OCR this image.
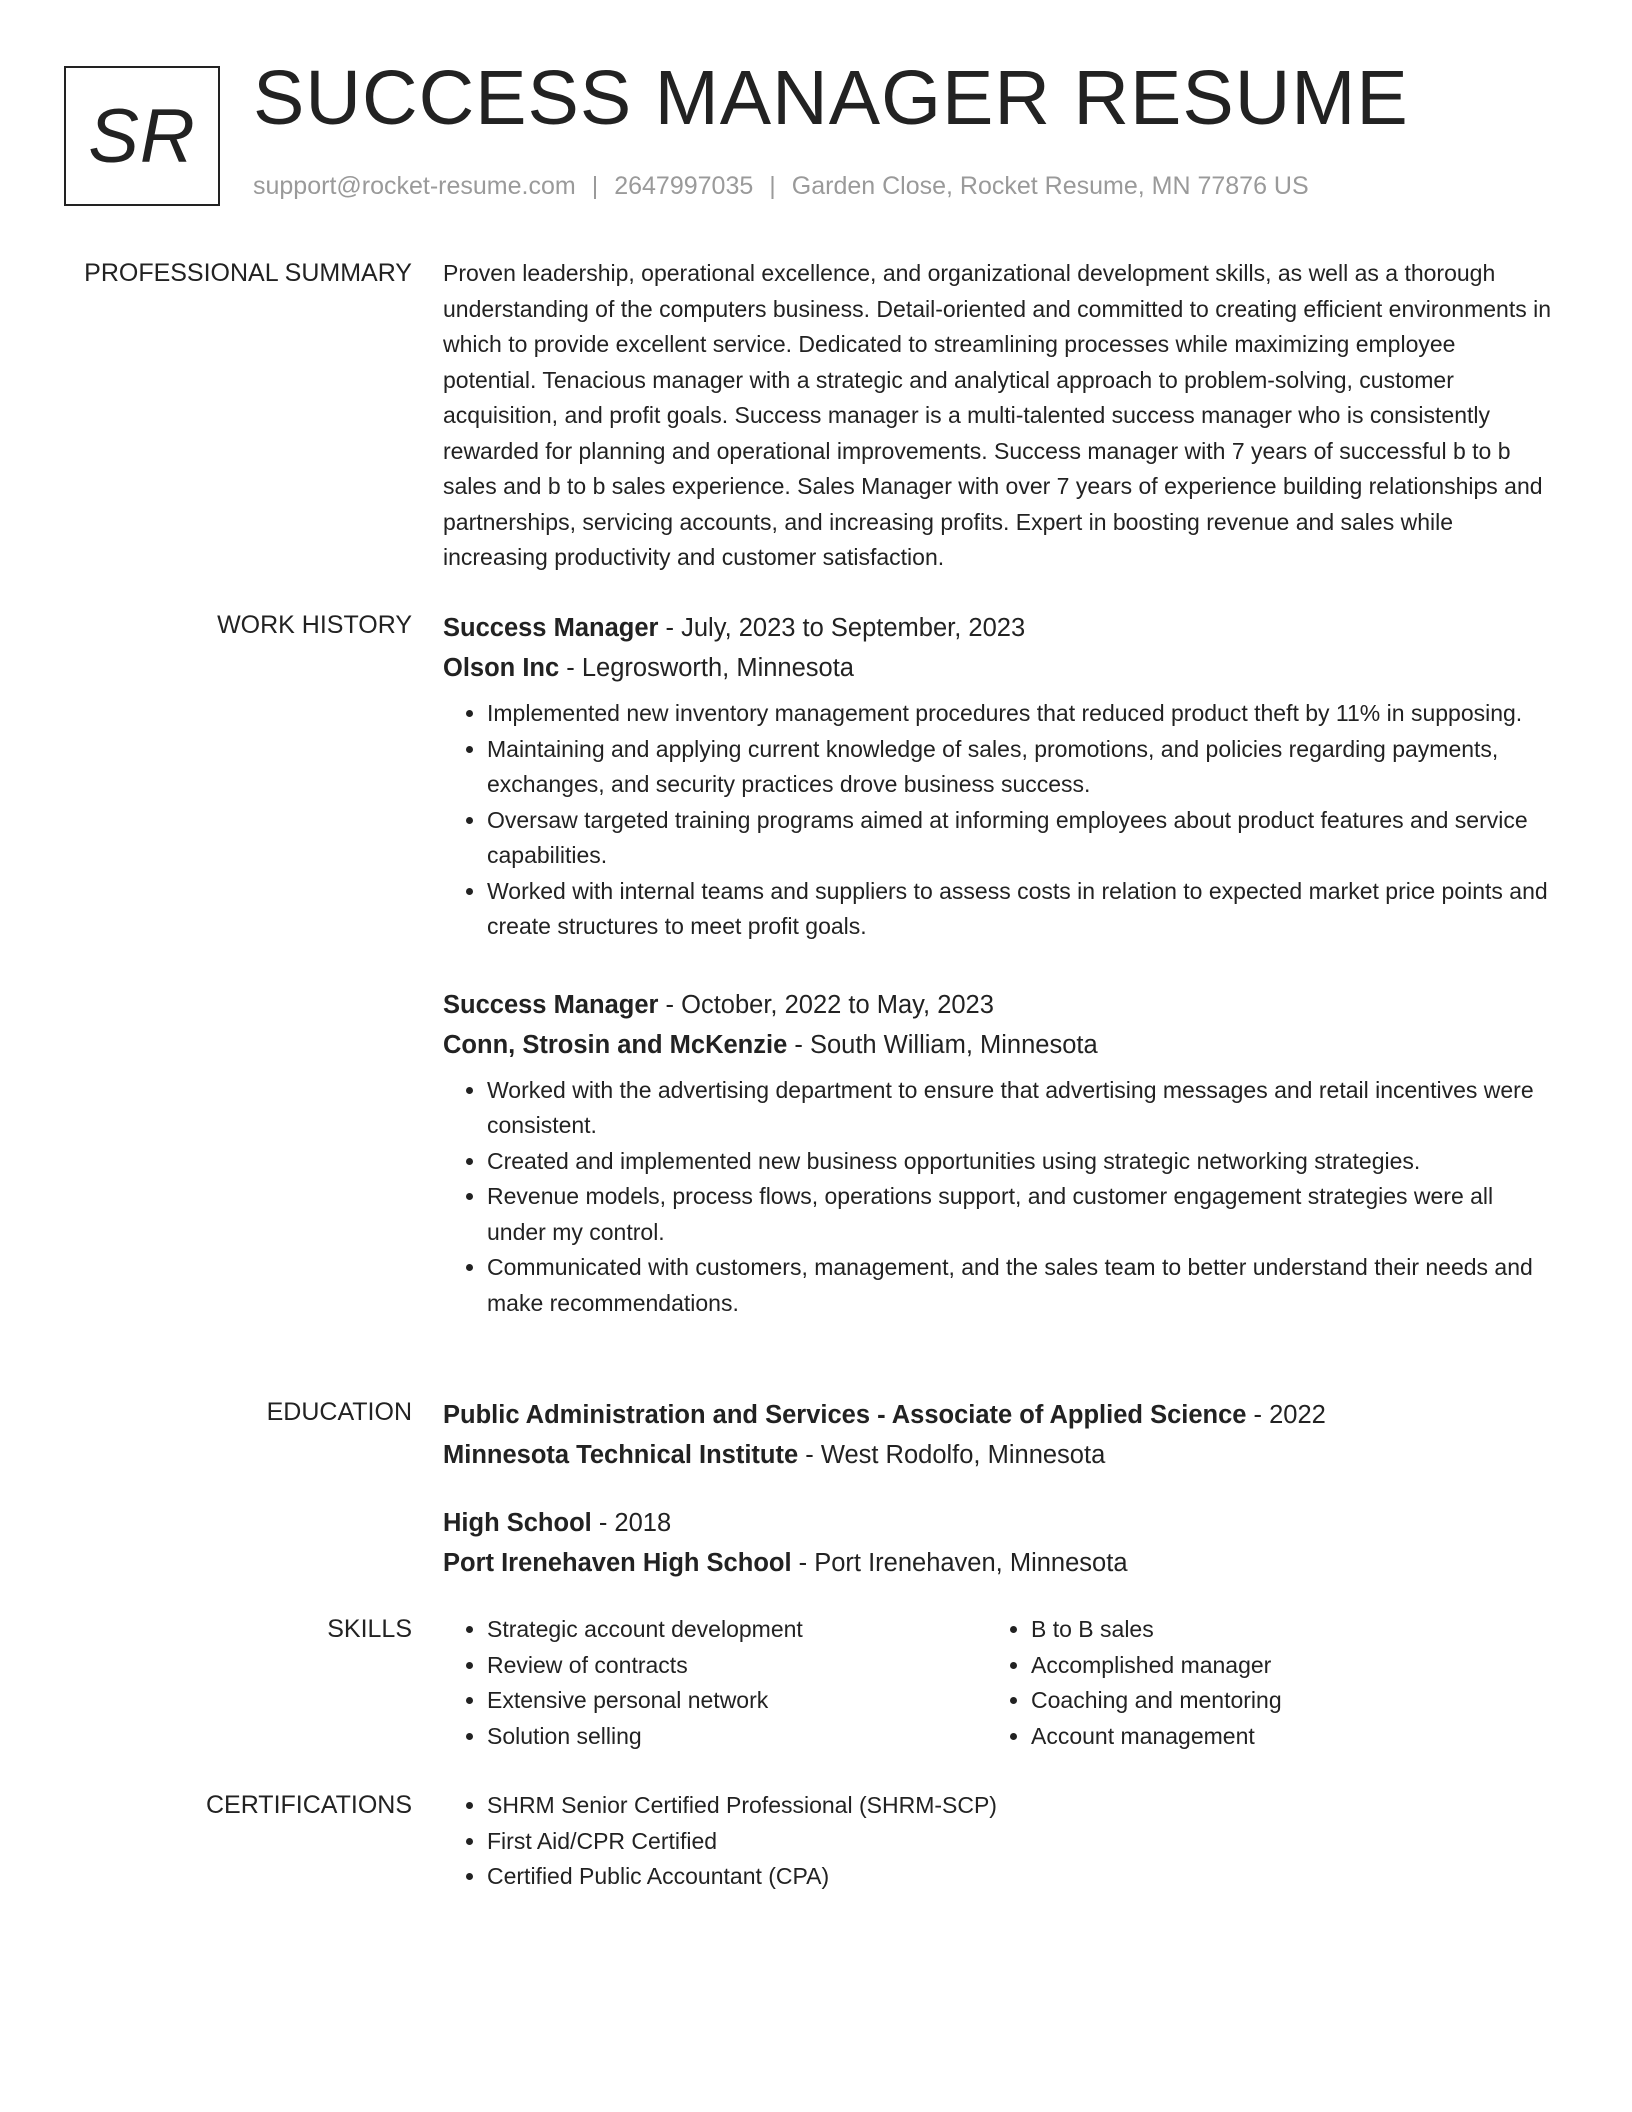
SR SUCCESS MANAGER RESUME
support@rocket-resume.com | 2647997035 | Garden Close, Rocket Resume, MN 77876 US
PROFESSIONAL SUMMARY Proven leadership, operational excellence, and organizational development skills, as well as a thorough understanding of the computers business. Detail-oriented and committed to creating efficient environments in which to provide excellent service. Dedicated to streamlining processes while maximizing employee potential. Tenacious manager with a strategic and analytical approach to problem-solving, customer acquisition, and profit goals. Success manager is a multi-talented success manager who is consistently rewarded for planning and operational improvements. Success manager with 7 years of successful b to b sales and b to b sales experience. Sales Manager with over 7 years of experience building relationships and partnerships, servicing accounts, and increasing profits. Expert in boosting revenue and sales while increasing productivity and customer satisfaction.

WORK HISTORY Success Manager - July, 2023 to September, 2023
Olson Inc - Legrosworth, Minnesota
• Implemented new inventory management procedures that reduced product theft by 11% in supposing.
• Maintaining and applying current knowledge of sales, promotions, and policies regarding payments, exchanges, and security practices drove business success.
• Oversaw targeted training programs aimed at informing employees about product features and service capabilities.
• Worked with internal teams and suppliers to assess costs in relation to expected market price points and create structures to meet profit goals.
Success Manager - October, 2022 to May, 2023
Conn, Strosin and McKenzie - South William, Minnesota
• Worked with the advertising department to ensure that advertising messages and retail incentives were consistent.
• Created and implemented new business opportunities using strategic networking strategies.
• Revenue models, process flows, operations support, and customer engagement strategies were all under my control.
• Communicated with customers, management, and the sales team to better understand their needs and make recommendations.
EDUCATION Public Administration and Services - Associate of Applied Science - 2022
Minnesota Technical Institute - West Rodolfo, Minnesota
High School - 2018
Port Irenehaven High School - Port Irenehaven, Minnesota
SKILLS	• Strategic account development
• Review of contracts
• Extensive personal network
• Solution selling
• B to B sales
• Accomplished manager
• Coaching and mentoring
• Account management
CERTIFICATIONS	• SHRM Senior Certified Professional (SHRM-SCP)
• First Aid/CPR Certified
• Certified Public Accountant (CPA)
